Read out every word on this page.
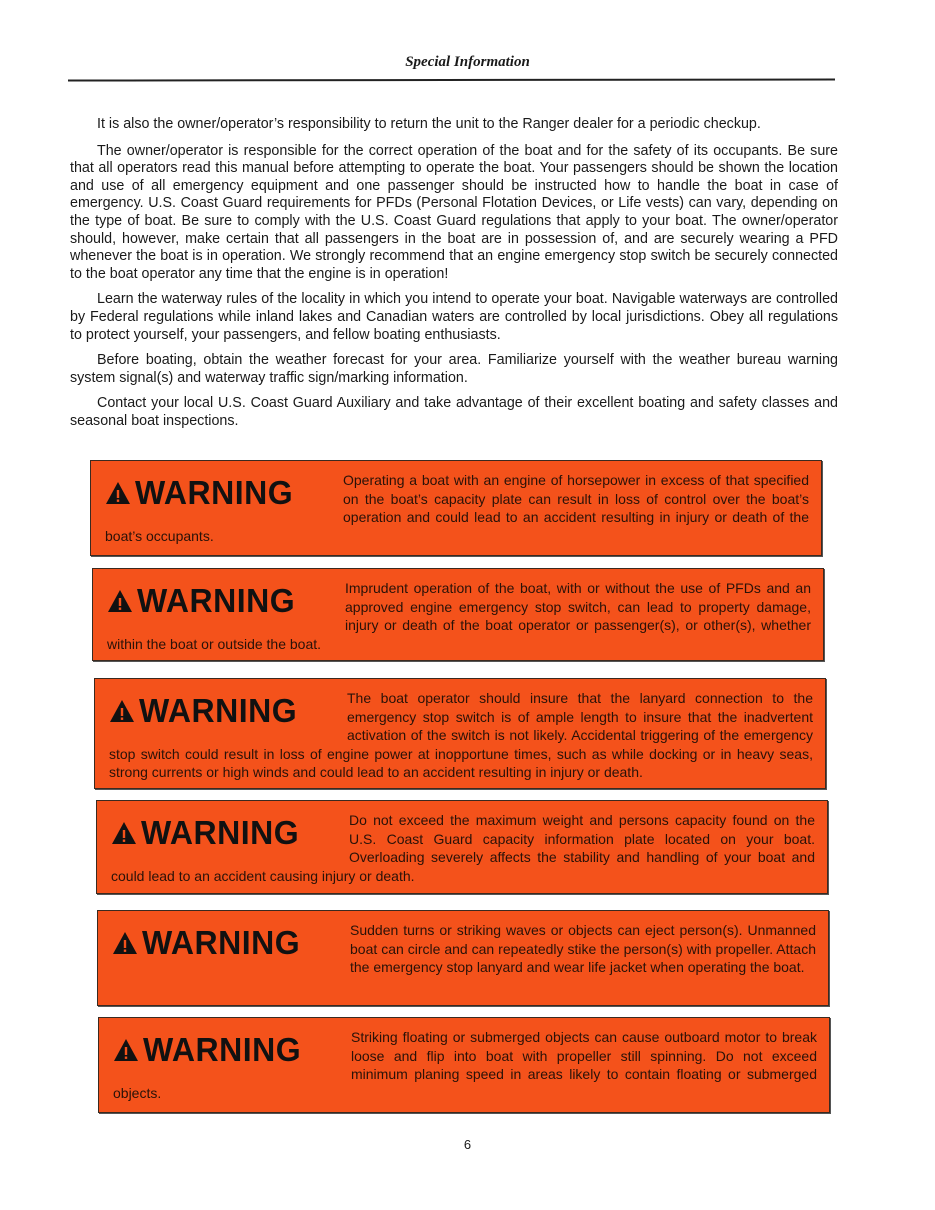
Special Information

It is also the owner/operator’s responsibility to return the unit to the Ranger dealer for a periodic checkup.

The owner/operator is responsible for the correct operation of the boat and for the safety of its occupants. Be sure that all operators read this manual before attempting to operate the boat. Your passengers should be shown the location and use of all emergency equipment and one passenger should be instructed how to handle the boat in case of emergency. U.S. Coast Guard requirements for PFDs (Personal Flotation Devices, or Life vests) can vary, depending on the type of boat. Be sure to comply with the U.S. Coast Guard regulations that apply to your boat. The owner/operator should, however, make certain that all passengers in the boat are in possession of, and are securely wearing a PFD whenever the boat is in operation. We strongly recommend that an engine emergency stop switch be securely connected to the boat operator any time that the engine is in operation!

Learn the waterway rules of the locality in which you intend to operate your boat. Navigable waterways are controlled by Federal regulations while inland lakes and Canadian waters are controlled by local jurisdictions. Obey all regulations to protect yourself, your passengers, and fellow boating enthusiasts.

Before boating, obtain the weather forecast for your area. Familiarize yourself with the weather bureau warning system signal(s) and waterway traffic sign/marking information.

Contact your local U.S. Coast Guard Auxiliary and take advantage of their excellent boating and safety classes and seasonal boat inspections.

WARNING	Operating a boat with an engine of horsepower in excess of that specified on the boat’s capacity plate can result in loss of control over the boat’s operation and could lead to an accident resulting in injury or death of the boat’s occupants.

WARNING	Imprudent operation of the boat, with or without the use of PFDs and an approved engine emergency stop switch, can lead to property damage, injury or death of the boat operator or passenger(s), or other(s), whether within the boat or outside the boat.

WARNING	The boat operator should insure that the lanyard connection to the emergency stop switch is of ample length to insure that the inadvertent activation of the switch is not likely. Accidental triggering of the emergency stop switch could result in loss of engine power at inopportune times, such as while docking or in heavy seas, strong currents or high winds and could lead to an accident resulting in injury or death.

WARNING	Do not exceed the maximum weight and persons capacity found on the U.S. Coast Guard capacity information plate located on your boat. Overloading severely affects the stability and handling of your boat and could lead to an accident causing injury or death.

WARNING	Sudden turns or striking waves or objects can eject person(s). Unmanned boat can circle and can repeatedly stike the person(s) with propeller. Attach the emergency stop lanyard and wear life jacket when operating the boat.

WARNING	Striking floating or submerged objects can cause outboard motor to break loose and flip into boat with propeller still spinning. Do not exceed minimum planing speed in areas likely to contain floating or submerged objects.

6
